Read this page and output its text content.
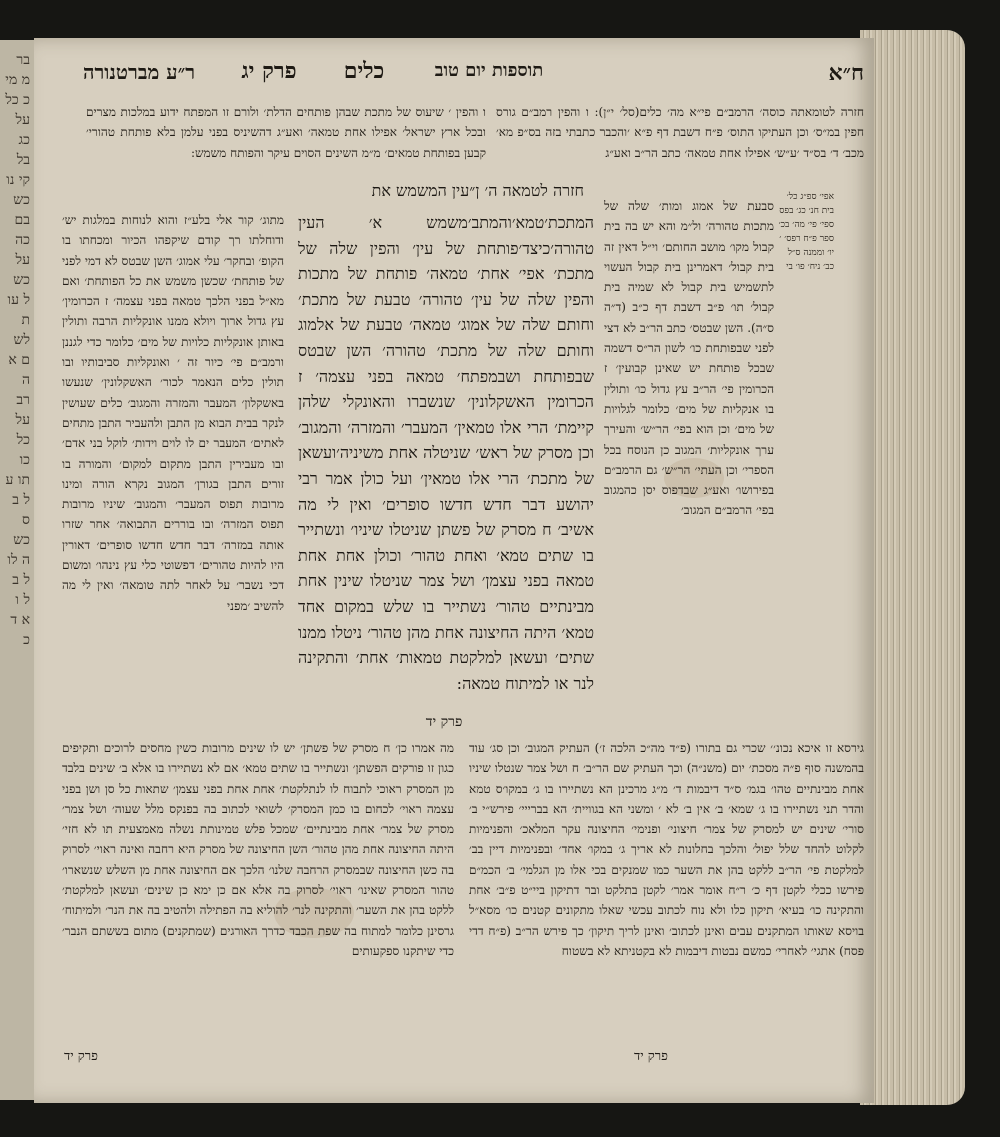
בר מ מי כ כל על כג בל קי נו כש בם כה על כש ל עו ת לש ם א ה רב על כל כו תו ע ל ב ס כש ה לו ל ב ל ו א ד כ
ח״א
תוספות יום טוב
כלים
פרק יג
ר״ע מברטנורה
חזרה לטומאתה כוסה׳ הרמב״ם פי״א מה׳ כלים(סל׳ י״ן): ו והפין רמב״ם גורס חפין במ״ס׳ וכן העתיקו התוס׳ פ״ח דשבת דף פ״א ׳והכבר כתבתי בזה בס״פ מא׳ מכב׳ ד׳ בס״ד ׳ע״ש׳ אפילו אחת טמאה׳ כתב הר״ב ואע״ג
ו והפין ׳ שיעוס של מתכת שבהן פותחים הדלת׳ ולורם זו המפתח ידוע במלכות מצרים ובכל ארץ ישראל׳ אפילו אחת טמאה׳ ואע״ג דהשיניס בפני עלמן בלא פותחת טהורי׳ קבען בפותחת טמאים׳ מ״מ השינים הסוים עיקר והפותח משמש:
אפי׳ ספ״ג כל׳ בית חנ׳ כג׳ בפס ספי׳ פי׳ מה׳ בכ׳ ספר פ״ח רפס׳ ׳ יו׳ וממנה ס״ל כב׳ ניח׳ פו׳ בי
סבעת של אמוג ומות׳ שלה של מתכות טהורה׳ ול״מ והא יש בה בית קבול מקו׳ מושב החותם׳ וי״ל דאין זה בית קבול׳ דאמרינן בית קבול העשוי לתשמיש בית קבול לא שמיה בית קבול׳ תו׳ פ״ב דשבת דף כ״ב (ד״ה ס״ה). השן שבטס׳ כתב הר״ב לא דצי לפני שבפותחת כו׳ לשון הר״ס דשמה שבכל פותחת יש שאינן קבועין׳ ז הכרומין פי׳ הר״ב עץ גדול כו׳ ותולין בו אנקליות של מים׳ כלומר לגלויות של מים׳ וכן הוא בפי׳ הר״ש׳ והעירך ערך אונקליות׳ המגוב כן הנוסח בכל הספרי׳ וכן העתי׳ הר״ש׳ גם הרמב״ם בפירושו׳ ואע״ג שבדפוס יסן כהמגוב בפי׳ הרמב״ם המגוב׳
חזרה לטמאה ה׳ ן״עין המשמש את
המתכת׳טמא׳והמתב׳משמש א׳ העין טהורה׳כיצד׳פותחת של עין׳ והפין שלה של מתכת׳ אפי׳ אחת׳ טמאה׳ פותחת של מתכות והפין שלה של עין׳ טהורה׳ טבעת של מתכת׳ וחותם שלה של אמוג׳ טמאה׳ טבעת של אלמוג וחותם שלה של מתכת׳ טהורה׳ השן שבטס שבפותחת ושבמפתח׳ טמאה בפני עצמה׳ ז הכרומין האשקלונין׳ שנשברו והאונקלי שלהן קיימת׳ הרי אלו טמאין׳ המעבר׳ והמזרה׳ והמגוב׳ וכן מסרק של ראש׳ שניטלה אחת משיניה׳ועשאן של מתכת׳ הרי אלו טמאין׳ ועל כולן אמר רבי יהושע דבר חדש חדשו סופרים׳ ואין לי מה אשיב׳ ח מסרק של פשתן שניטלו שיניו׳ ונשתייר בו שתים טמא׳ ואחת טהור׳ וכולן אחת אחת טמאה בפני עצמן׳ ושל צמר שניטלו שינין אחת מבינתיים טהור׳ נשתייר בו שלש במקום אחד טמא׳ היתה החיצונה אחת מהן טהור׳ ניטלו ממנו שתים׳ ועשאן למלקטת טמאות׳ אחת׳ והתקינה לנר או למיתוח טמאה:
פרק יד
מתוג׳ קור אלי בלע״ז והוא לנוחות במלגות יש׳ ודוחלתו רך קודם שיקפהו הכיור ומכחתו בו הקופ׳ ובחקר׳ עלי אמוג׳ השן שבטס לא דמי לפני של פותחת׳ שכשן משמש את כל הפותחת׳ ואם מא״ל בפני הלכך טמאה בפני עצמה׳ ז הכרומין׳ עץ גדול ארוך ויולא ממנו אונקליות הרבה ותולין באותן אונקליות כלויות של מים׳ כלומר כדי לגננן ורמב״ם פי׳ כיור זה ׳ ואונקליות סביבותיו ובו תולין כלים הנאמר לכור׳ האשקלונין׳ שנעשו באשקלון׳ המעבר והמזרה והמגוב׳ כלים שעושין לנקר בבית הבוא מן התבן ולהעביר התבן מתחים לאתים׳ המעבר ים לו לוים וידות׳ לוקל בני אדם׳ ובו מעבירין התבן מתקום למקום׳ והמורה בו זורים התבן בגורן׳ המגוב נקרא הורה ומינו מרובות תפוס המעבר׳ והמגוב׳ שיניו מרובות תפוס המזרה׳ ובו בוררים התבואה׳ אחר שזרו אותה במזרה׳ דבר חדש חדשו סופרים׳ דאורין היו להיות טהורים׳ דפשוטי כלי עץ נינהו׳ ומשום דכי נשבר׳ על לאחר לתה טומאה׳ ואין לי מה להשיב ׳מפני
גירסא זו איכא נכונ׳׳ שכרי גם בתורו (פ״ד מה״כ הלכה ז׳) העתיק המגוב׳ וכן סג׳ עוד בהמשנה סוף פ״ה מסכת׳ יום (משנ״ה) וכך העתיק שם הר״ב׳ ח ושל צמר שנטלו שיניו אחת מבינתיים טהו׳ בגמ׳ ס״ד דיבמות ד׳ מ״ג מרכינן הא נשתיירו בו ג׳ במקו׳ס טמא והדר תני נשתיירו בו ג׳ שמא׳ ב׳ אין ב׳ לא ׳ ומשני הא בגוויית׳ הא בברייי׳ פירש״י ב׳ סורי׳ שינים יש למסרק של צמר׳ חיצוני׳ ופנימי׳ החיצונה עקר המלאכ׳ והפנימיות לקלוט להחד שלל יפול׳ והלכך בחלונות לא אריך ג׳ במקו׳ אחד׳ ובפנימיות דיין בב׳ למלקטת פי׳ הר״ב ללקט בהן את השער כמו שמנקים בכי אלו מן הגלמי׳ ב׳ הכמ״ם פירשו ככלי לקטן דף כ׳ ר״ח אומר אמר׳ לקטן בתלקט ובר דתיקון ביי״ט פ״ב׳ אחת והתקינה כו׳ בעיא׳ תיקון כלו ולא נוח לכתוב עכשי שאלו מתקונים קטנים כו׳ מסא״ל בויסא שאותו המתקנים עבים ואינן לכתוב׳ ואינן לריך תיקון׳ כך פירש הר״ב (פ״ח דדי פסח) אתגי׳ לאחרי׳ כמשם נבטות דיבמות לא בקטניתא לא בשטוח
מה אמרו כן׳ ח מסרק של פשתן׳ יש לו שינים מרובות כשין מחסים לרוכים ותקיפים כגון זו פורקים הפשתן׳ ונשתייר בו שתים טמא׳ אם לא נשתיירו בו אלא ב׳ שינים בלבד מן המסרק ראוכי לתבוח לו לנתלקטת׳ אחת אחת בפני עצמן׳ שתאות כל סן ושן בפני עצמה ראוי׳ לכחום בו כמן המסרק׳ לשואי לכתוב בה בפנקס מלל שעוה׳ ושל צמר׳ מסרק של צמר׳ אחת מבינתיים׳ שמכל פלש טמינותת נשלה מאמצעית תו לא חזי׳ היתה החיצונה אחת מהן טהור׳ השן החיצונה של מסרק היא רחבה ואינה ראוי׳ לסרוק בה כשן החיצונה שבמסרק הרחבה שלנו׳ הלכך אם החיצונה אחת מן השלש שנשארו׳ טהור המסרק שאינו׳ ראוי׳ לסרוק בה אלא אם כן ימא כן שינים׳ ועשאן למלקטת׳ ללקט בהן את השער׳ והתקינה לנר׳ להוליא בה הפתילה ולהטיב בה את הנר׳ ולמיתוח׳ גרסינן כלומר למתוח בה שפת הכבד כדרך האורגים (שמתקנים) מתום בששתם הנבר׳ כדי שיתקנו ספקעותים
פרק יד
פרק יד
